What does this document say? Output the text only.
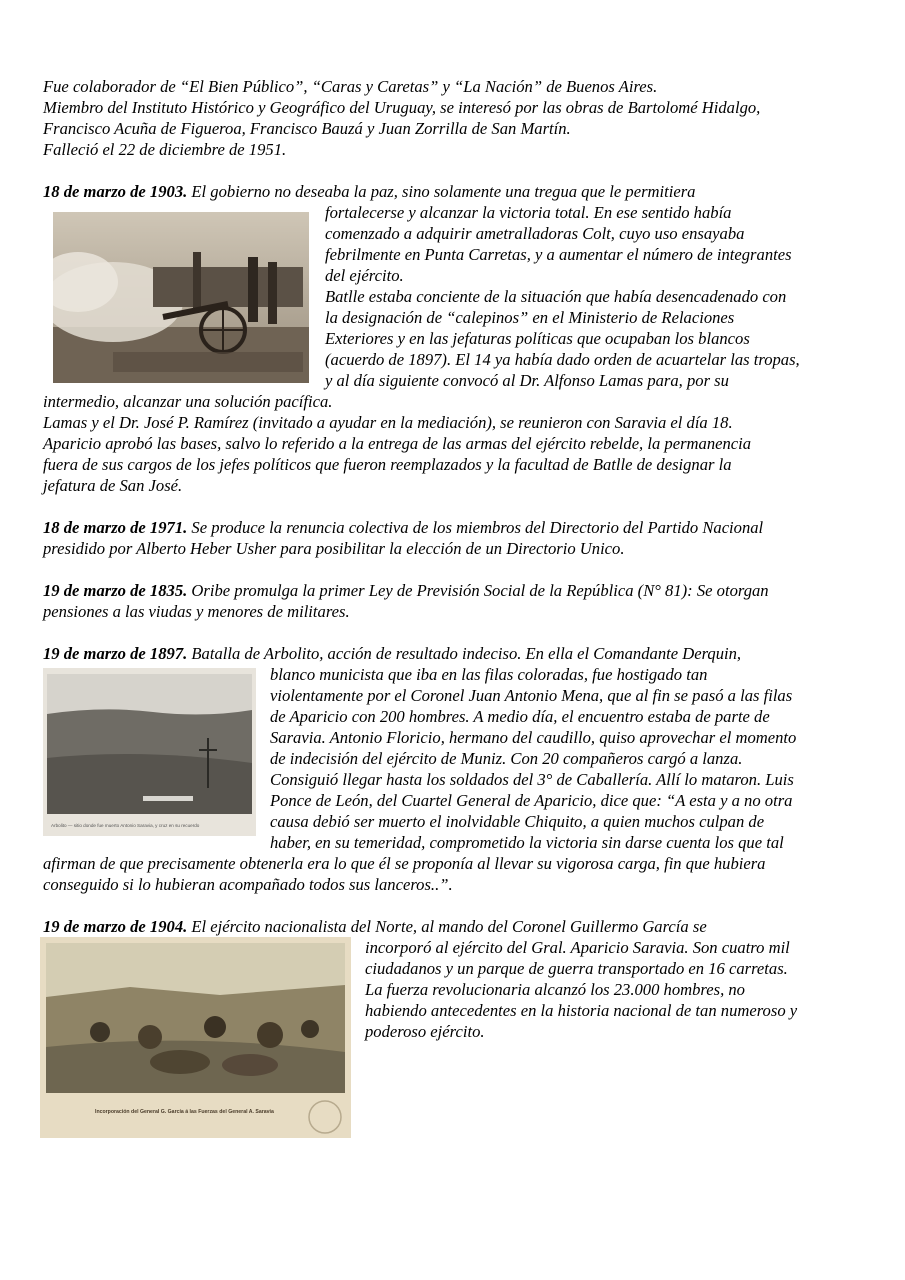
Fue colaborador de “El Bien Público”, “Caras y Caretas” y “La Nación” de Buenos Aires.
Miembro del Instituto Histórico y Geográfico del Uruguay, se interesó por las obras de Bartolomé Hidalgo,
Francisco Acuña de Figueroa, Francisco Bauzá y Juan Zorrilla de San Martín.
Falleció el 22 de diciembre de 1951.
18 de marzo de 1903. El gobierno no deseaba la paz, sino solamente una tregua que le permitiera
fortalecerse y alcanzar la victoria total. En ese sentido había
comenzado a adquirir ametralladoras Colt, cuyo uso ensayaba
febrilmente en Punta Carretas, y a aumentar el número de integrantes
del ejército.
Batlle estaba conciente de la situación que había desencadenado con
la designación de “calepinos” en el Ministerio de Relaciones
Exteriores y en las jefaturas políticas que ocupaban los blancos
(acuerdo de 1897). El 14 ya había dado orden de acuartelar las tropas,
y al día siguiente convocó al Dr. Alfonso Lamas para, por su
intermedio, alcanzar una solución pacífica.
Lamas y el Dr. José P. Ramírez (invitado a ayudar en la mediación), se reunieron con Saravia el día 18.
Aparicio aprobó las bases, salvo lo referido a la entrega de las armas del ejército rebelde, la permanencia
fuera de sus cargos de los jefes políticos que fueron reemplazados y la facultad de Batlle de designar la
jefatura de San José.
18 de marzo de 1971. Se produce la renuncia colectiva de los miembros del Directorio del Partido Nacional
presidido por Alberto Heber Usher para posibilitar la elección de un Directorio Unico.
19 de marzo de 1835. Oribe promulga la primer Ley de Previsión Social de la República (N° 81): Se otorgan
pensiones a las viudas y menores de militares.
19 de marzo de 1897. Batalla de Arbolito, acción de resultado indeciso. En ella el Comandante Derquin,
blanco municista que iba en las filas coloradas, fue hostigado tan
violentamente por el Coronel Juan Antonio Mena, que al fin se pasó a las filas
de Aparicio con 200 hombres. A medio día, el encuentro estaba de parte de
Saravia. Antonio Floricio, hermano del caudillo, quiso aprovechar el momento
de indecisión del ejército de Muniz. Con 20 compañeros cargó a lanza.
Consiguió llegar hasta los soldados del 3° de Caballería. Allí lo mataron. Luis
Ponce de León, del Cuartel General de Aparicio, dice que: “A esta y a no otra
causa debió ser muerto el inolvidable Chiquito, a quien muchos culpan de
haber, en su temeridad, comprometido la victoria sin darse cuenta los que tal
afirman de que precisamente obtenerla era lo que él se proponía al llevar su vigorosa carga, fin que hubiera
conseguido si lo hubieran acompañado todos sus lanceros..”.
Arbolito — sitio donde fue muerto Antonio Saravia, y cruz en su recuerdo
19 de marzo de 1904. El ejército nacionalista del Norte, al mando del Coronel Guillermo García se
incorporó al ejército del Gral. Aparicio Saravia. Son cuatro mil
ciudadanos y un parque de guerra transportado en 16 carretas.
La fuerza revolucionaria alcanzó los 23.000 hombres, no
habiendo antecedentes en la historia nacional de tan numeroso y
poderoso ejército.
Incorporación del General G. García á las Fuerzas del General A. Saravia
